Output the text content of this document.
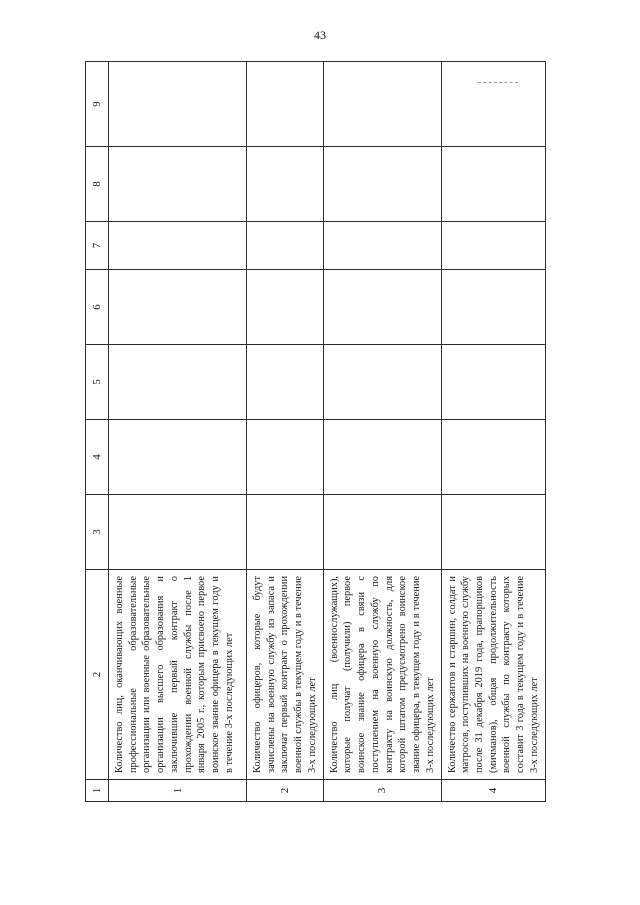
43
1	2	3	4	5	6	7	8	9
1	Количество лиц, оканчивающих военные профессиональные образовательные организации или военные образовательные организации высшего образования и заключившие первый контракт о прохождении военной службы после 1 января 2005 г., которым присвоено первое воинское звание офицера в текущем году и в течение 3-х последующих лет							
2	Количество офицеров, которые будут зачислены на военную службу из запаса и заключат первый контракт о прохождении военной службы в текущем году и в течение 3-х последующих лет							
3	Количество лиц (военнослужащих), которые получат (получили) первое воинское звание офицера в связи с поступлением на военную службу по контракту на воинскую должность, для которой штатом предусмотрено воинское звание офицера, в текущем году и в течение 3-х последующих лет							
4	Количество сержантов и старшин, солдат и матросов, поступивших на военную службу после 31 декабря 2019 года, прапорщиков (мичманов), общая продолжительность военной службы по контракту которых составит 3 года в текущем году и в течение 3-х последующих лет							
